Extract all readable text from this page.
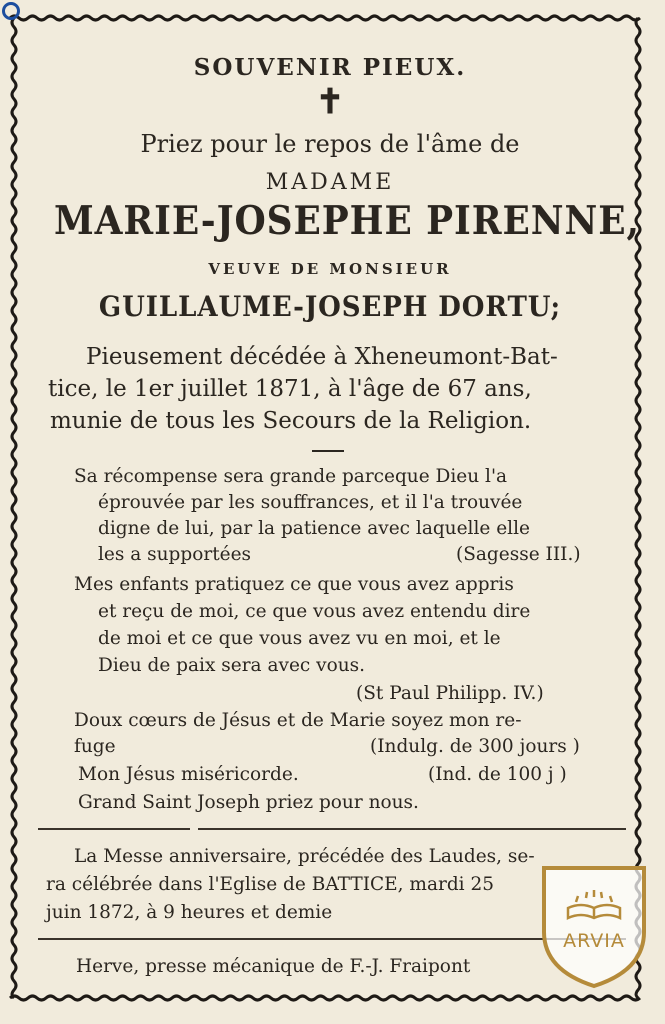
SOUVENIR PIEUX.
✝
Priez pour le repos de l'âme de
MADAME
MARIE-JOSEPHE PIRENNE,
VEUVE DE MONSIEUR
GUILLAUME-JOSEPH DORTU;
Pieusement décédée à Xheneumont-Bat-
tice, le 1er juillet 1871, à l'âge de 67 ans,
munie de tous les Secours de la Religion.
Sa récompense sera grande parceque Dieu l'a
éprouvée par les souffrances, et il l'a trouvée
digne de lui, par la patience avec laquelle elle
les a supportées	(Sagesse III.)
Mes enfants pratiquez ce que vous avez appris
et reçu de moi, ce que vous avez entendu dire
de moi et ce que vous avez vu en moi, et le
Dieu de paix sera avec vous.
(St Paul Philipp. IV.)
Doux cœurs de Jésus et de Marie soyez mon re-
fuge	(Indulg. de 300 jours )
Mon Jésus miséricorde.	(Ind. de 100 j )
Grand Saint Joseph priez pour nous.
La Messe anniversaire, précédée des Laudes, se-
ra célébrée dans l'Eglise de BATTICE, mardi 25
juin 1872, à 9 heures et demie
Herve, presse mécanique de F.-J. Fraipont
ARVIA
